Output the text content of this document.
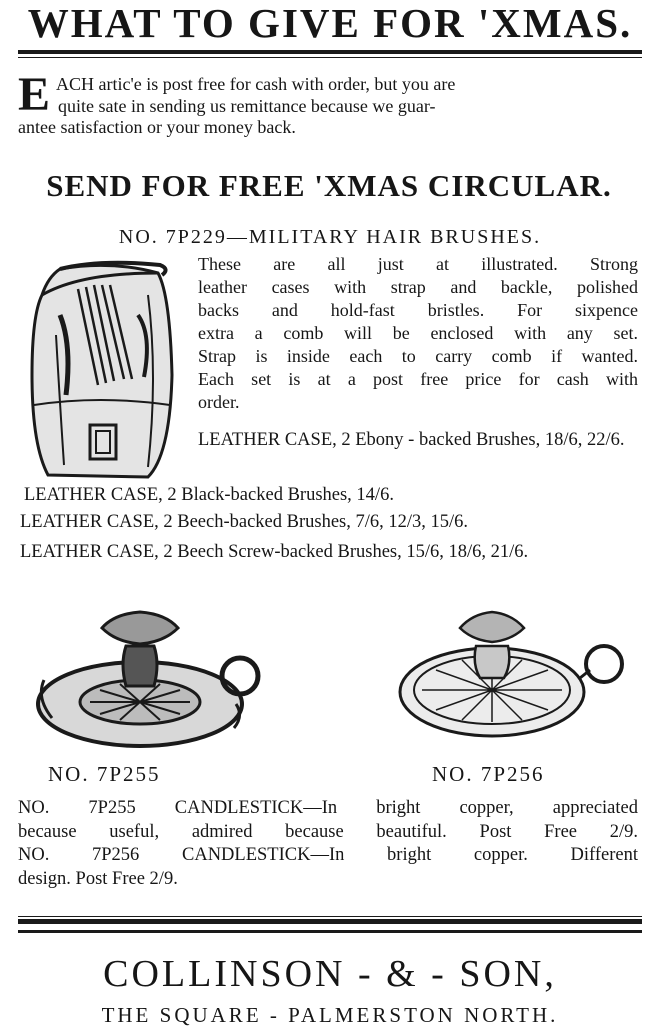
WHAT TO GIVE FOR 'XMAS.
E ACH artic'e is post free for cash with order, but you are
quite sate in sending us remittance because we guar-
antee satisfaction or your money back.
SEND FOR FREE 'XMAS CIRCULAR.
NO. 7P229—MILITARY HAIR BRUSHES.
These are all just at illustrated. Strong
leather cases with strap and backle, polished
backs and hold-fast bristles. For sixpence
extra a comb will be enclosed with any set.
Strap is inside each to carry comb if wanted.
Each set is at a post free price for cash with
order.
LEATHER CASE, 2 Ebony - backed Brushes, 18/6, 22/6.
LEATHER CASE, 2 Black-backed Brushes, 14/6.
LEATHER CASE, 2 Beech-backed Brushes, 7/6, 12/3, 15/6.
LEATHER CASE, 2 Beech Screw-backed Brushes, 15/6, 18/6, 21/6.
NO. 7P255	NO. 7P256
NO. 7P255 CANDLESTICK—In bright copper, appreciated
because useful, admired because beautiful. Post Free 2/9.
NO. 7P256 CANDLESTICK—In bright copper. Different
design. Post Free 2/9.
COLLINSON - & - SON,
THE SQUARE - PALMERSTON NORTH.
